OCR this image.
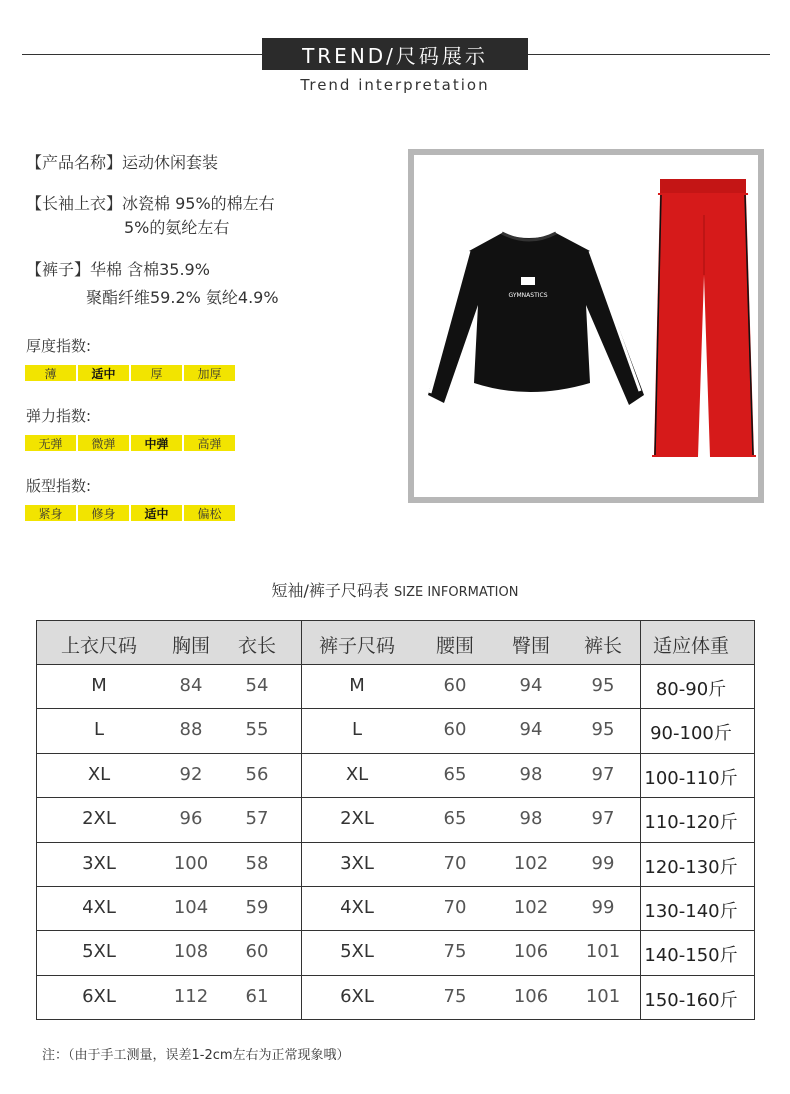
TREND/尺码展示
Trend interpretation
【产品名称】运动休闲套装
【长袖上衣】冰瓷棉 95%的棉左右
5%的氨纶左右
【裤子】华棉 含棉35.9%
聚酯纤维59.2% 氨纶4.9%
厚度指数:
薄	适中	厚	加厚
弹力指数:
无弹	微弹	中弹	高弹
版型指数:
紧身	修身	适中	偏松
GYMNASTICS
短袖/裤子尺码表 SIZE INFORMATION
上衣尺码	胸围	衣长	裤子尺码	腰围	臀围	裤长	适应体重
M	84	54	M	60	94	95	80-90斤
L	88	55	L	60	94	95	90-100斤
XL	92	56	XL	65	98	97	100-110斤
2XL	96	57	2XL	65	98	97	110-120斤
3XL	100	58	3XL	70	102	99	120-130斤
4XL	104	59	4XL	70	102	99	130-140斤
5XL	108	60	5XL	75	106	101	140-150斤
6XL	112	61	6XL	75	106	101	150-160斤
注：（由于手工测量，误差1-2cm左右为正常现象哦）
